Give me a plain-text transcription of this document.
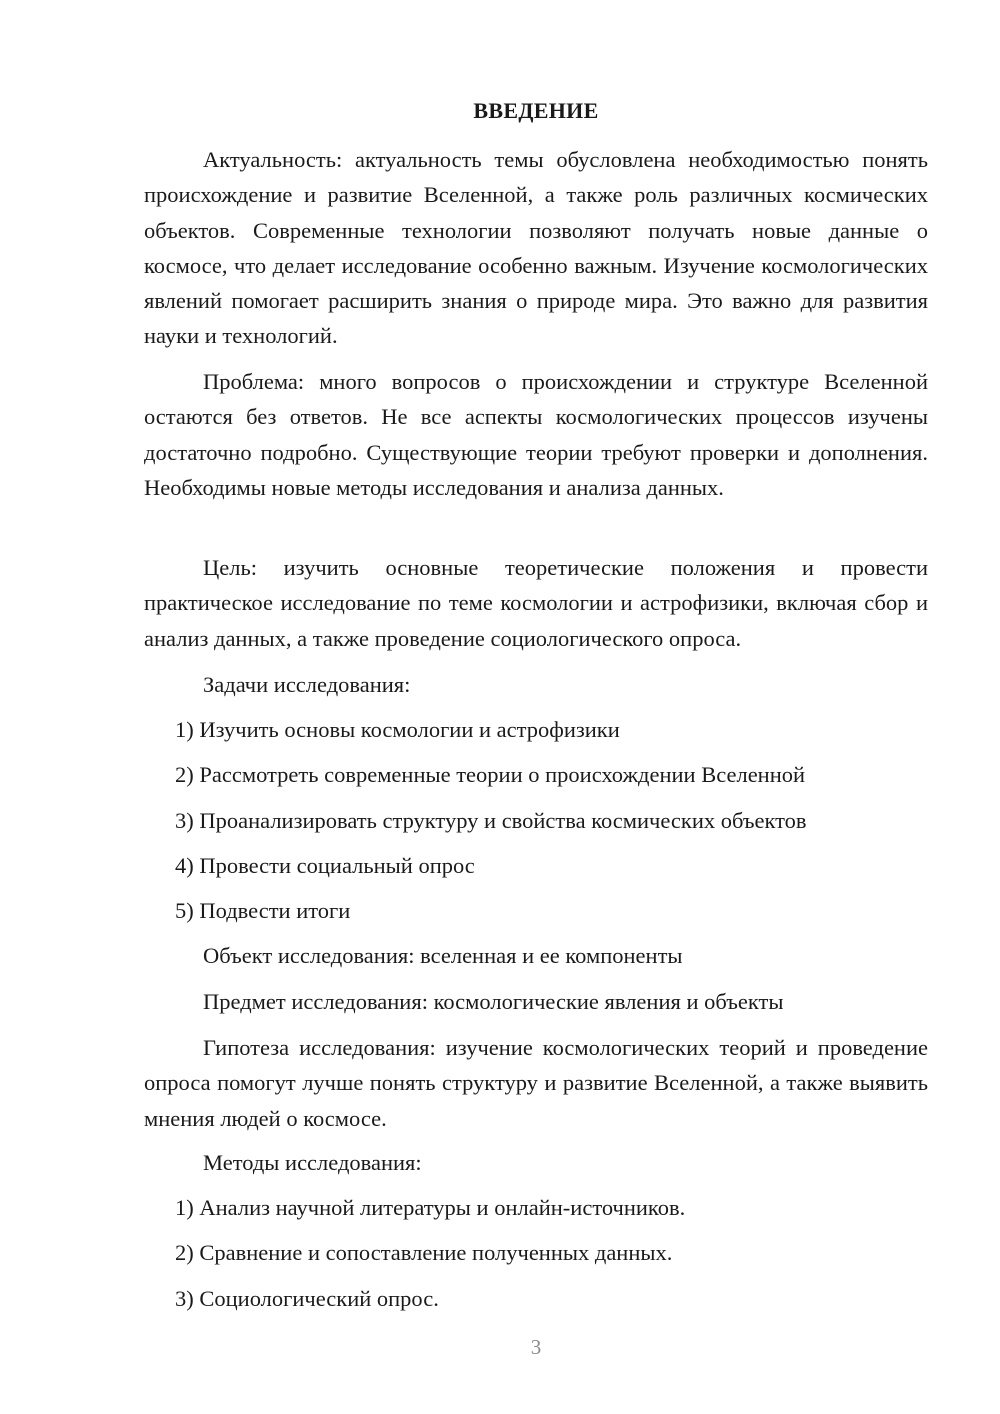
ВВЕДЕНИЕ

Актуальность: актуальность темы обусловлена необходимостью понять происхождение и развитие Вселенной, а также роль различных космических объектов. Современные технологии позволяют получать новые данные о космосе, что делает исследование особенно важным. Изучение космологических явлений помогает расширить знания о природе мира. Это важно для развития науки и технологий.

Проблема: много вопросов о происхождении и структуре Вселенной остаются без ответов. Не все аспекты космологических процессов изучены достаточно подробно. Существующие теории требуют проверки и дополнения. Необходимы новые методы исследования и анализа данных.

Цель: изучить основные теоретические положения и провести практическое исследование по теме космологии и астрофизики, включая сбор и анализ данных, а также проведение социологического опроса.

Задачи исследования:

1) Изучить основы космологии и астрофизики

2) Рассмотреть современные теории о происхождении Вселенной

3) Проанализировать структуру и свойства космических объектов

4) Провести социальный опрос

5) Подвести итоги

Объект исследования: вселенная и ее компоненты

Предмет исследования: космологические явления и объекты

Гипотеза исследования: изучение космологических теорий и проведение опроса помогут лучше понять структуру и развитие Вселенной, а также выявить мнения людей о космосе.

Методы исследования:

1) Анализ научной литературы и онлайн-источников.

2) Сравнение и сопоставление полученных данных.

3) Социологический опрос.

3
